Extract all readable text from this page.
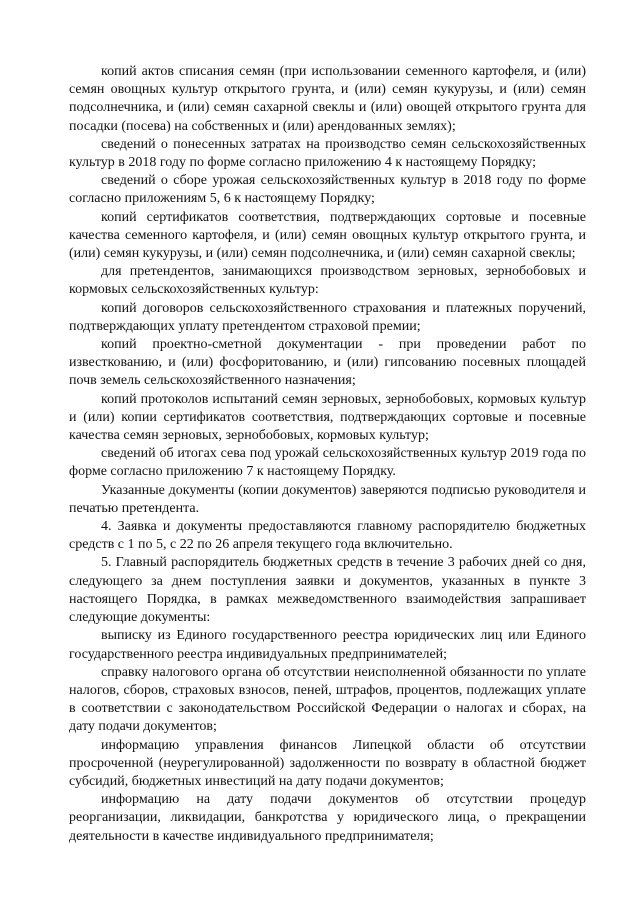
копий актов списания семян (при использовании семенного картофеля, и (или) семян овощных культур открытого грунта, и (или) семян кукурузы, и (или) семян подсолнечника, и (или) семян сахарной свеклы и (или) овощей открытого грунта для посадки (посева) на собственных и (или) арендованных землях);

сведений о понесенных затратах на производство семян сельскохозяйственных культур в 2018 году по форме согласно приложению 4 к настоящему Порядку;

сведений о сборе урожая сельскохозяйственных культур в 2018 году по форме согласно приложениям 5, 6 к настоящему Порядку;

копий сертификатов соответствия, подтверждающих сортовые и посевные качества семенного картофеля, и (или) семян овощных культур открытого грунта, и (или) семян кукурузы, и (или) семян подсолнечника, и (или) семян сахарной свеклы;

для претендентов, занимающихся производством зерновых, зернобобовых и кормовых сельскохозяйственных культур:

копий договоров сельскохозяйственного страхования и платежных поручений, подтверждающих уплату претендентом страховой премии;

копий проектно-сметной документации - при проведении работ по известкованию, и (или) фосфоритованию, и (или) гипсованию посевных площадей почв земель сельскохозяйственного назначения;

копий протоколов испытаний семян зерновых, зернобобовых, кормовых культур и (или) копии сертификатов соответствия, подтверждающих сортовые и посевные качества семян зерновых, зернобобовых, кормовых культур;

сведений об итогах сева под урожай сельскохозяйственных культур 2019 года по форме согласно приложению 7 к настоящему Порядку.

Указанные документы (копии документов) заверяются подписью руководителя и печатью претендента.

4. Заявка и документы предоставляются главному распорядителю бюджетных средств с 1 по 5, с 22 по 26 апреля текущего года включительно.

5. Главный распорядитель бюджетных средств в течение 3 рабочих дней со дня, следующего за днем поступления заявки и документов, указанных в пункте 3 настоящего Порядка, в рамках межведомственного взаимодействия запрашивает следующие документы:

выписку из Единого государственного реестра юридических лиц или Единого государственного реестра индивидуальных предпринимателей;

справку налогового органа об отсутствии неисполненной обязанности по уплате налогов, сборов, страховых взносов, пеней, штрафов, процентов, подлежащих уплате в соответствии с законодательством Российской Федерации о налогах и сборах, на дату подачи документов;

информацию управления финансов Липецкой области об отсутствии просроченной (неурегулированной) задолженности по возврату в областной бюджет субсидий, бюджетных инвестиций на дату подачи документов;

информацию на дату подачи документов об отсутствии процедур реорганизации, ликвидации, банкротства у юридического лица, о прекращении деятельности в качестве индивидуального предпринимателя;
